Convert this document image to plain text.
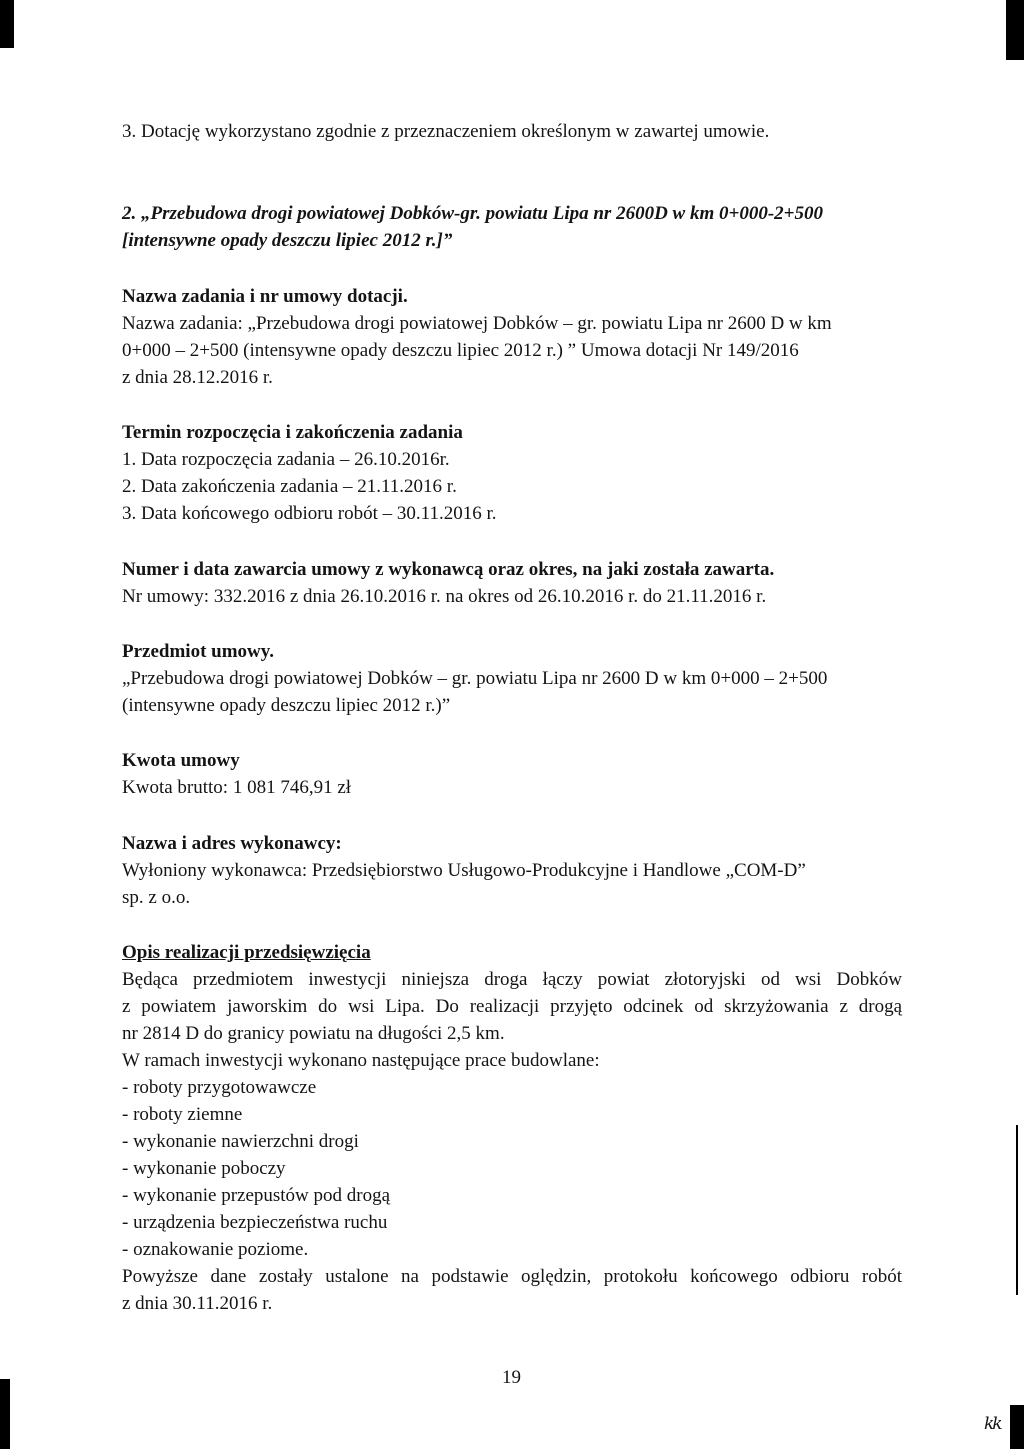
3. Dotację wykorzystano zgodnie z przeznaczeniem określonym w zawartej umowie.
2. „Przebudowa drogi powiatowej Dobków-gr. powiatu Lipa nr 2600D w km 0+000-2+500
[intensywne opady deszczu lipiec 2012 r.]”
Nazwa zadania i nr umowy dotacji.
Nazwa zadania: „Przebudowa drogi powiatowej Dobków – gr. powiatu Lipa nr 2600 D w km
0+000 – 2+500 (intensywne opady deszczu lipiec 2012 r.) ” Umowa dotacji Nr 149/2016
z dnia 28.12.2016 r.
Termin rozpoczęcia i zakończenia zadania
1. Data rozpoczęcia zadania – 26.10.2016r.
2. Data zakończenia zadania – 21.11.2016 r.
3. Data końcowego odbioru robót – 30.11.2016 r.
Numer i data zawarcia umowy z wykonawcą oraz okres, na jaki została zawarta.
Nr umowy: 332.2016 z dnia 26.10.2016 r. na okres od 26.10.2016 r. do 21.11.2016 r.
Przedmiot umowy.
„Przebudowa drogi powiatowej Dobków – gr. powiatu Lipa nr 2600 D w km 0+000 – 2+500
(intensywne opady deszczu lipiec 2012 r.)”
Kwota umowy
Kwota brutto: 1 081 746,91 zł
Nazwa i adres wykonawcy:
Wyłoniony wykonawca: Przedsiębiorstwo Usługowo-Produkcyjne i Handlowe „COM-D”
sp. z o.o.
Opis realizacji przedsięwzięcia
Będąca przedmiotem inwestycji niniejsza droga łączy powiat złotoryjski od wsi Dobków
z powiatem jaworskim do wsi Lipa. Do realizacji przyjęto odcinek od skrzyżowania z drogą
nr 2814 D do granicy powiatu na długości 2,5 km.
W ramach inwestycji wykonano następujące prace budowlane:
- roboty przygotowawcze
- roboty ziemne
- wykonanie nawierzchni drogi
- wykonanie poboczy
- wykonanie przepustów pod drogą
- urządzenia bezpieczeństwa ruchu
- oznakowanie poziome.
Powyższe dane zostały ustalone na podstawie oględzin, protokołu końcowego odbioru robót
z dnia 30.11.2016 r.
19
kk
